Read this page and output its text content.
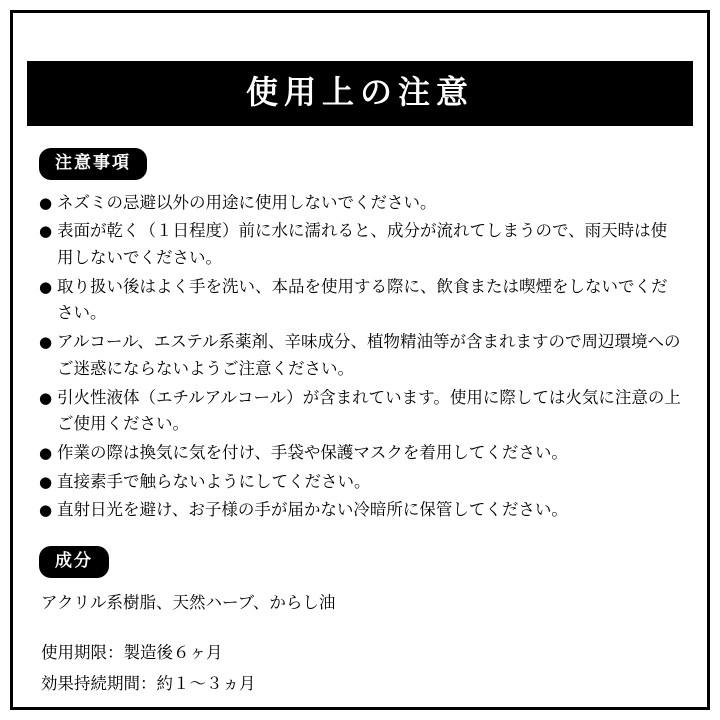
使用上の注意
注意事項
● ネズミの忌避以外の用途に使用しないでください。
● 表面が乾く（１日程度）前に水に濡れると、成分が流れてしまうので、雨天時は使用しないでください。
● 取り扱い後はよく手を洗い、本品を使用する際に、飲食または喫煙をしないでください。
● アルコール、エステル系薬剤、辛味成分、植物精油等が含まれますので周辺環境へのご迷惑にならないようご注意ください。
● 引火性液体（エチルアルコール）が含まれています。使用に際しては火気に注意の上ご使用ください。
● 作業の際は換気に気を付け、手袋や保護マスクを着用してください。
● 直接素手で触らないようにしてください。
● 直射日光を避け、お子様の手が届かない冷暗所に保管してください。
成分
アクリル系樹脂、天然ハーブ、からし油
使用期限：製造後６ヶ月
効果持続期間：約１～３ヵ月
